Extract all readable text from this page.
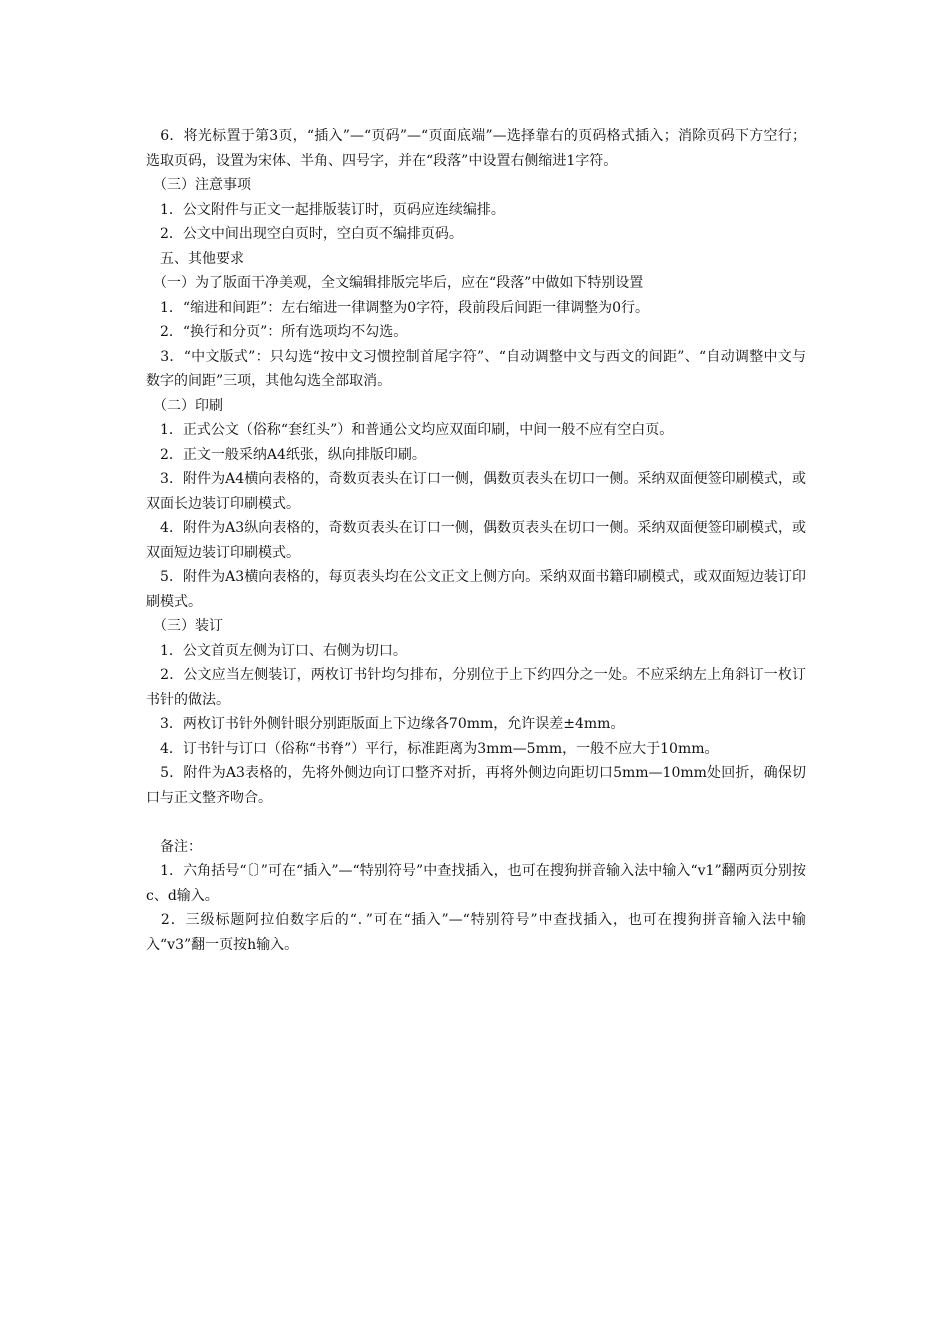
　6．将光标置于第3页，“插入”—“页码”—“页面底端”—选择靠右的页码格式插入；消除页码下方空行；选取页码，设置为宋体、半角、四号字，并在“段落”中设置右侧缩进1字符。

　（三）注意事项

　1．公文附件与正文一起排版装订时，页码应连续编排。

　2．公文中间出现空白页时，空白页不编排页码。

　五、其他要求

　（一）为了版面干净美观，全文编辑排版完毕后，应在“段落”中做如下特别设置

　1．“缩进和间距”：左右缩进一律调整为0字符，段前段后间距一律调整为0行。

　2．“换行和分页”：所有选项均不勾选。

　3．“中文版式”：只勾选“按中文习惯控制首尾字符”、“自动调整中文与西文的间距”、“自动调整中文与数字的间距”三项，其他勾选全部取消。

　（二）印刷

　1．正式公文（俗称“套红头”）和普通公文均应双面印刷，中间一般不应有空白页。

　2．正文一般采纳A4纸张，纵向排版印刷。

　3．附件为A4横向表格的，奇数页表头在订口一侧，偶数页表头在切口一侧。采纳双面便签印刷模式，或双面长边装订印刷模式。

　4．附件为A3纵向表格的，奇数页表头在订口一侧，偶数页表头在切口一侧。采纳双面便签印刷模式，或双面短边装订印刷模式。

　5．附件为A3横向表格的，每页表头均在公文正文上侧方向。采纳双面书籍印刷模式，或双面短边装订印刷模式。

　（三）装订

　1．公文首页左侧为订口、右侧为切口。

　2．公文应当左侧装订，两枚订书针均匀排布，分别位于上下约四分之一处。不应采纳左上角斜订一枚订书针的做法。

　3．两枚订书针外侧针眼分别距版面上下边缘各70mm，允许误差±4mm。

　4．订书针与订口（俗称“书脊”）平行，标准距离为3mm—5mm，一般不应大于10mm。

　5．附件为A3表格的，先将外侧边向订口整齐对折，再将外侧边向距切口5mm—10mm处回折，确保切口与正文整齐吻合。

　备注：

　1．六角括号“〔〕”可在“插入”—“特别符号”中查找插入，也可在搜狗拼音输入法中输入“v1”翻两页分别按c、d输入。

　2．三级标题阿拉伯数字后的“．”可在“插入”—“特别符号”中查找插入，也可在搜狗拼音输入法中输入“v3”翻一页按h输入。
